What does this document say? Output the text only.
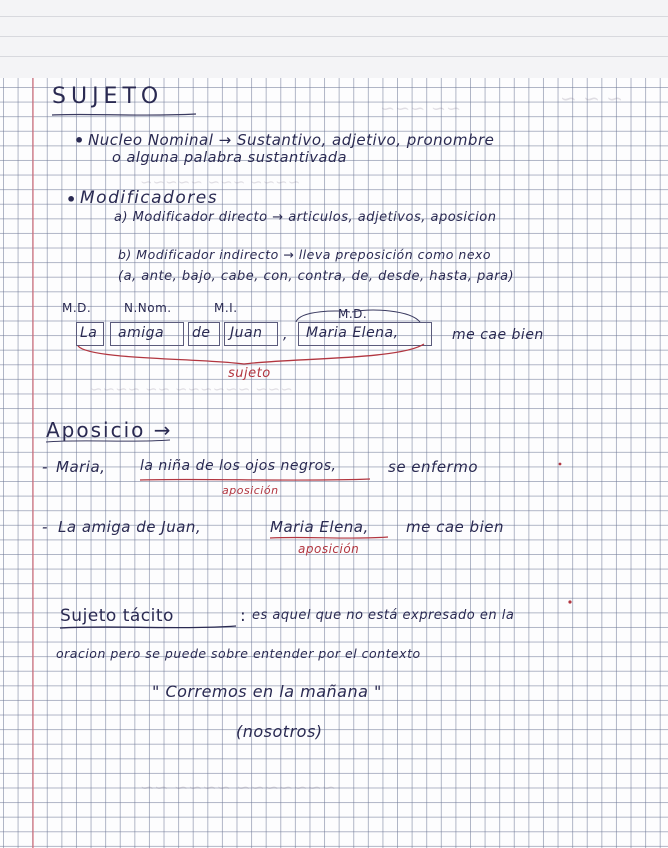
~ ~ ~
~~ ~~~
~~~~ ~~~ ~~~~~
~~~ ~~~~~~ ~~ ~~~~
~~~~~~~ ~~~~ ~~
SUJETO
• Nucleo Nominal → Sustantivo, adjetivo, pronombre
o alguna palabra sustantivada
• Modificadores
a) Modificador directo → articulos, adjetivos, aposicion
b) Modificador indirecto → lleva preposición como nexo
(a, ante, bajo, cabe, con, contra, de, desde, hasta, para)
M.D.	N.Nom.	M.I.	M.D.
La amiga de Juan , Maria Elena,	me cae bien
sujeto
Aposicio →
- Maria, la niña de los ojos negros,	se enfermo
aposición
- La amiga de Juan,	Maria Elena, me cae bien
aposición
Sujeto tácito	: es aquel que no está expresado en la
oracion pero se puede sobre entender por el contexto
" Corremos en la mañana "
(nosotros)
